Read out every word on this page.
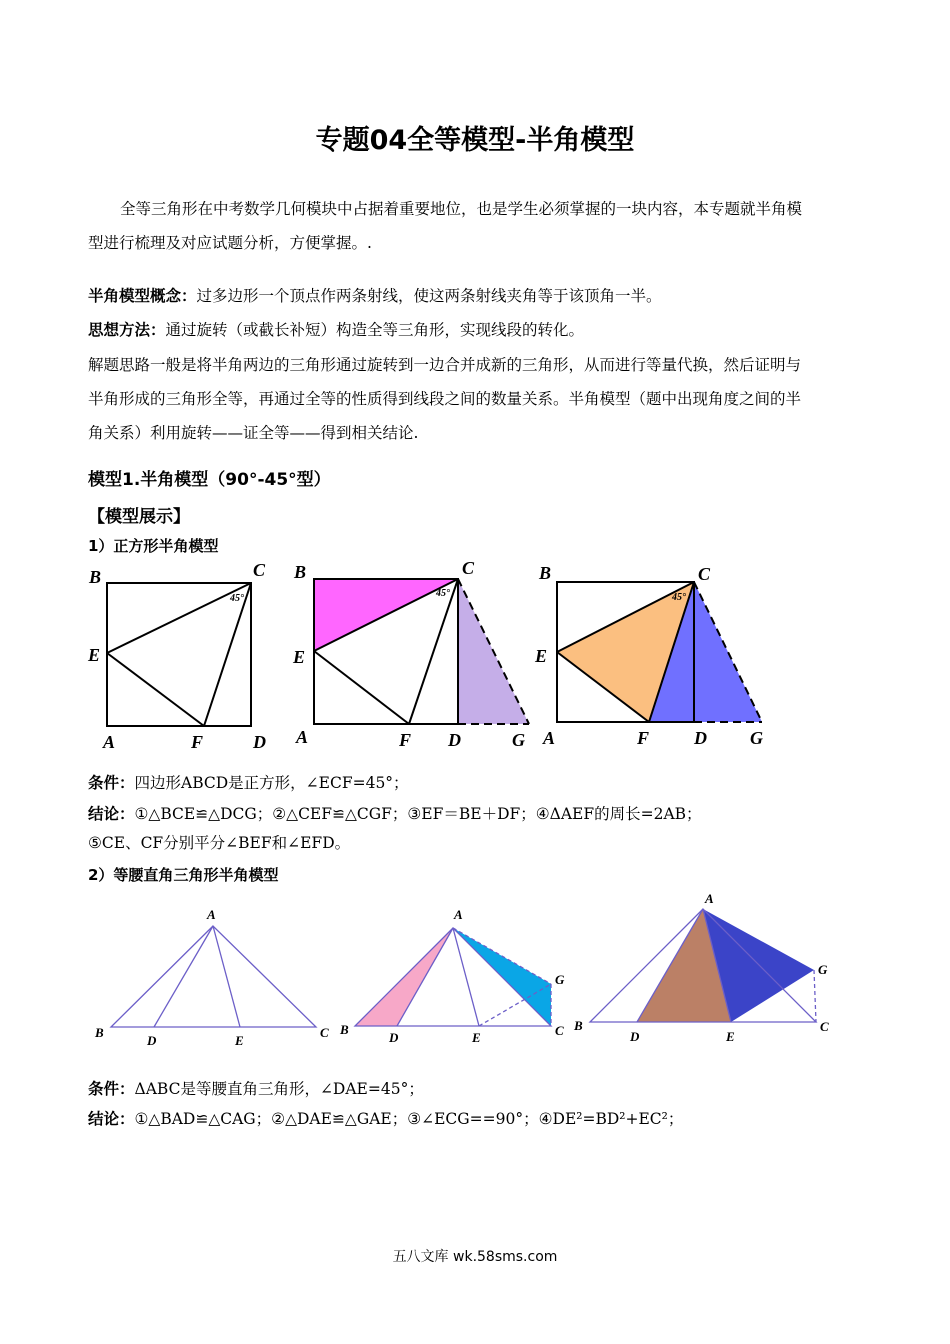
专题04全等模型-半角模型
全等三角形在中考数学几何模块中占据着重要地位，也是学生必须掌握的一块内容，本专题就半角模
型进行梳理及对应试题分析，方便掌握。.
半角模型概念：过多边形一个顶点作两条射线，使这两条射线夹角等于该顶角一半。
思想方法：通过旋转（或截长补短）构造全等三角形，实现线段的转化。
解题思路一般是将半角两边的三角形通过旋转到一边合并成新的三角形，从而进行等量代换，然后证明与
半角形成的三角形全等，再通过全等的性质得到线段之间的数量关系。半角模型（题中出现角度之间的半
角关系）利用旋转——证全等——得到相关结论.
模型1.半角模型（90°-45°型）
【模型展示】
1）正方形半角模型
B	C
45°
E
A	F	D
B	C
45°
E
A	F D	G
B	C
45°
E
A	F D G
条件：四边形ABCD是正方形，∠ECF=45°；
结论：①△BCE≌△DCG；②△CEF≌△CGF；③EF＝BE＋DF；④ΔAEF的周长=2AB；
⑤CE、CF分别平分∠BEF和∠EFD。
2）等腰直角三角形半角模型
A
B
D	E
C
A
B
D	E
G
C
A
B
D	E
G
C
条件：ΔABC是等腰直角三角形，∠DAE=45°；
结论：①△BAD≌△CAG；②△DAE≌△GAE；③∠ECG==90°；④DE²=BD²+EC²；
五八文库 wk.58sms.com
